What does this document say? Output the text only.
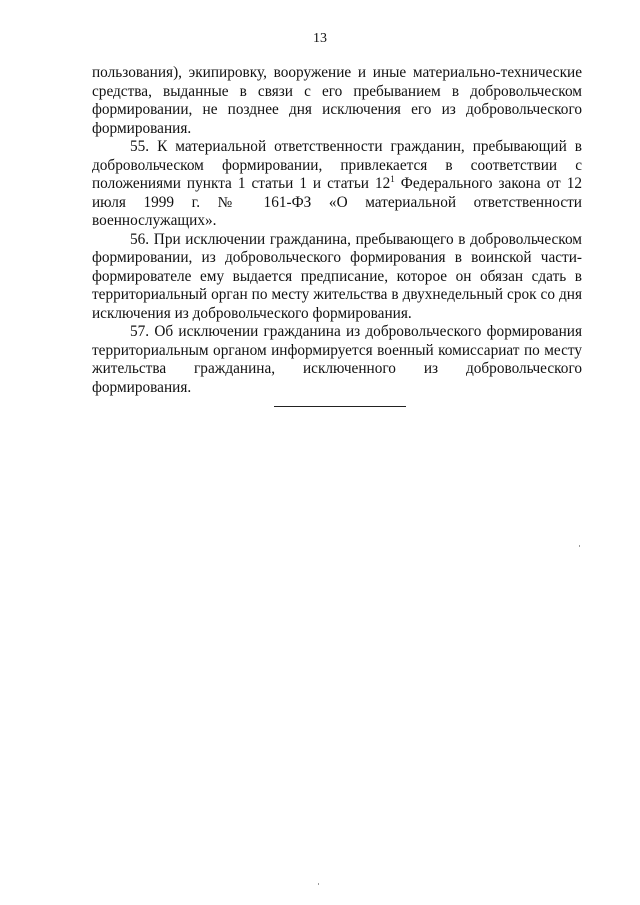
13

пользования), экипировку, вооружение и иные материально-технические средства, выданные в связи с его пребыванием в добровольческом формировании, не позднее дня исключения его из добровольческого формирования.

55. К материальной ответственности гражданин, пребывающий в добровольческом формировании, привлекается в соответствии с положениями пункта 1 статьи 1 и статьи $12^1$ Федерального закона от 12 июля 1999 г. № 161-ФЗ «О материальной ответственности военнослужащих».

56. При исключении гражданина, пребывающего в добровольческом формировании, из добровольческого формирования в воинской части-формирователе ему выдается предписание, которое он обязан сдать в территориальный орган по месту жительства в двухнедельный срок со дня исключения из добровольческого формирования.

57. Об исключении гражданина из добровольческого формирования территориальным органом информируется военный комиссариат по месту жительства гражданина, исключенного из добровольческого формирования.
